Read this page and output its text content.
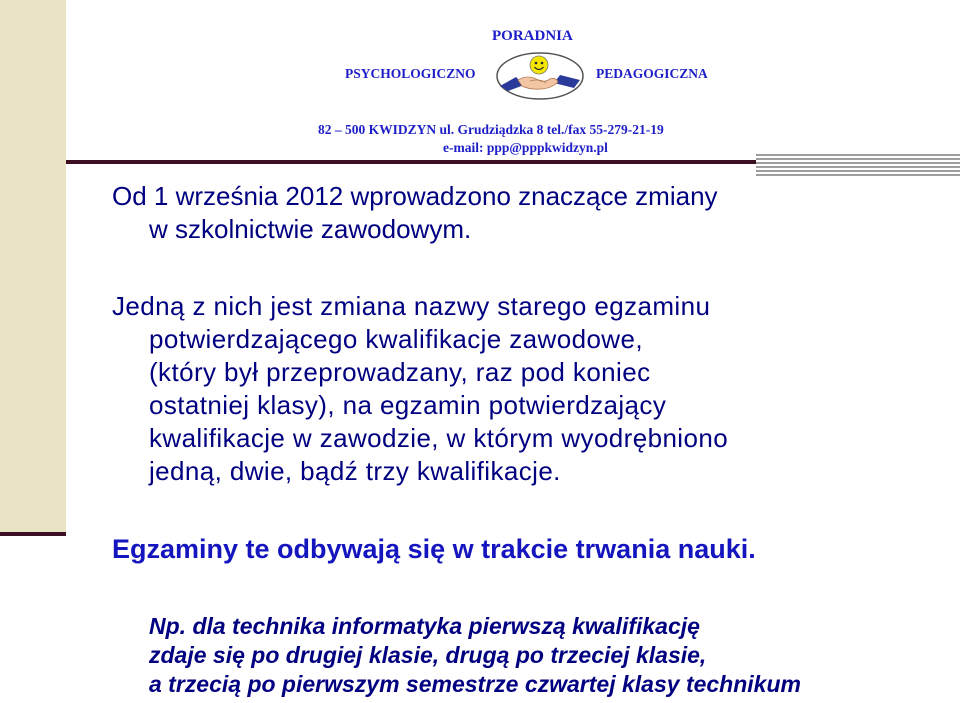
PORADNIA
PSYCHOLOGICZNO	PEDAGOGICZNA
82 – 500 KWIDZYN ul. Grudziądzka 8 tel./fax 55-279-21-19
e-mail: ppp@pppkwidzyn.pl
Od 1 września 2012 wprowadzono znaczące zmiany
w szkolnictwie zawodowym.
Jedną z nich jest zmiana nazwy starego egzaminu
potwierdzającego kwalifikacje zawodowe,
(który był przeprowadzany, raz pod koniec
ostatniej klasy), na egzamin potwierdzający
kwalifikacje w zawodzie, w którym wyodrębniono
jedną, dwie, bądź trzy kwalifikacje.
Egzaminy te odbywają się w trakcie trwania nauki.
Np. dla technika informatyka pierwszą kwalifikację
zdaje się po drugiej klasie, drugą po trzeciej klasie,
a trzecią po pierwszym semestrze czwartej klasy technikum
